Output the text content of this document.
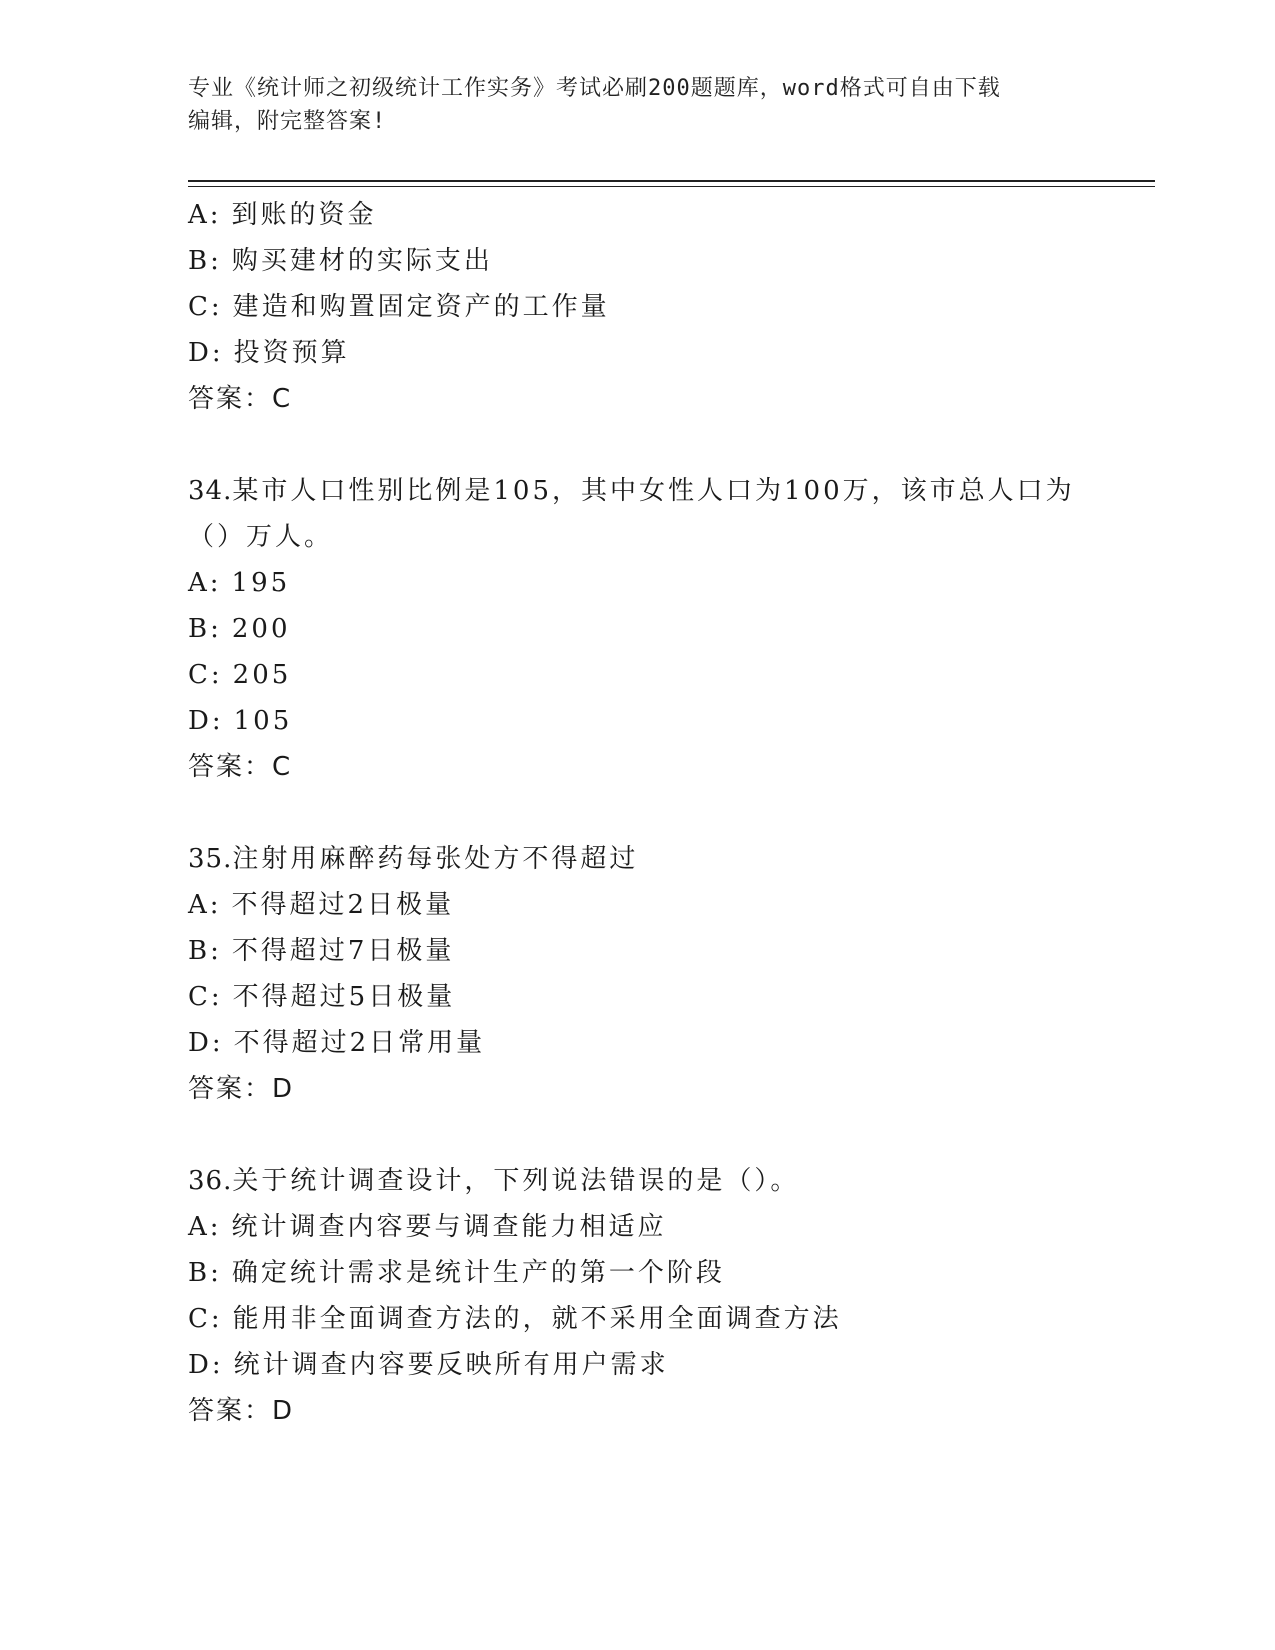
专业《统计师之初级统计工作实务》考试必刷200题题库，word格式可自由下载
编辑，附完整答案!
A: 到账的资金
B: 购买建材的实际支出
C: 建造和购置固定资产的工作量
D: 投资预算
答案：C
34.某市人口性别比例是105，其中女性人口为100万，该市总人口为
（）万人。
A: 195
B: 200
C: 205
D: 105
答案：C
35.注射用麻醉药每张处方不得超过
A: 不得超过2日极量
B: 不得超过7日极量
C: 不得超过5日极量
D: 不得超过2日常用量
答案：D
36.关于统计调查设计，下列说法错误的是（）。
A: 统计调查内容要与调查能力相适应
B: 确定统计需求是统计生产的第一个阶段
C: 能用非全面调查方法的，就不采用全面调查方法
D: 统计调查内容要反映所有用户需求
答案：D
